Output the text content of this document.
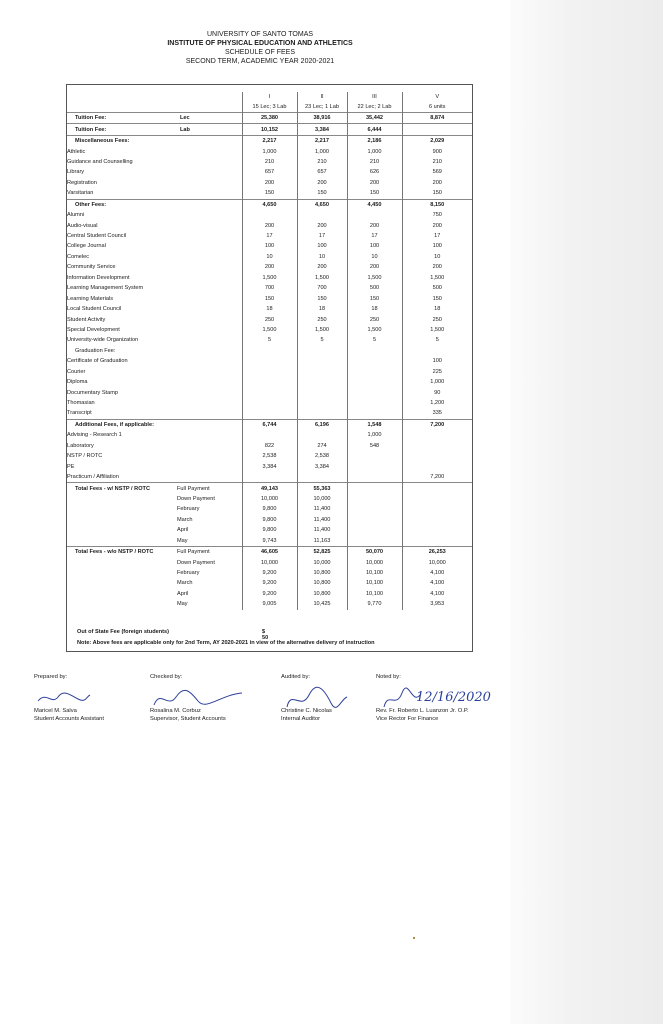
UNIVERSITY OF SANTO TOMAS
INSTITUTE OF PHYSICAL EDUCATION AND ATHLETICS
SCHEDULE OF FEES
SECOND TERM, ACADEMIC YEAR 2020-2021
		I	II	III	V
		15 Lec; 3 Lab	23 Lec; 1 Lab	22 Lec; 2 Lab	6 units
Tuition Fee:	Lec	25,380	38,916	35,442	8,874
Tuition Fee:	Lab	10,152	3,384	6,444	
Miscellaneous Fees:		2,217	2,217	2,186	2,029
Athletic		1,000	1,000	1,000	900
Guidance and Counselling		210	210	210	210
Library		657	657	626	569
Registration		200	200	200	200
Varsitarian		150	150	150	150
Other Fees:		4,650	4,650	4,450	8,150
Alumni					750
Audio-visual		200	200	200	200
Central Student Council		17	17	17	17
College Journal		100	100	100	100
Comelec		10	10	10	10
Community Service		200	200	200	200
Information Development		1,500	1,500	1,500	1,500
Learning Management System		700	700	500	500
Learning Materials		150	150	150	150
Local Student Council		18	18	18	18
Student Activity		250	250	250	250
Special Development		1,500	1,500	1,500	1,500
University-wide Organization		5	5	5	5
Graduation Fee:					
Certificate of Graduation					100
Courier					225
Diploma					1,000
Documentary Stamp					90
Thomasian					1,200
Transcript					335
Additional Fees, if applicable:		6,744	6,196	1,548	7,200
Advising - Research 1				1,000	
Laboratory		822	274	548	
NSTP / ROTC		2,538	2,538		
PE		3,384	3,384		
Practicum / Affiliation					7,200
Total Fees - w/ NSTP / ROTC	Full Payment	49,143	55,363		
	Down Payment	10,000	10,000		
	February	9,800	11,400		
	March	9,800	11,400		
	April	9,800	11,400		
	May	9,743	11,163		
Total Fees - w/o NSTP / ROTC	Full Payment	46,605	52,825	50,070	26,253
	Down Payment	10,000	10,000	10,000	10,000
	February	9,200	10,800	10,100	4,100
	March	9,200	10,800	10,100	4,100
	April	9,200	10,800	10,100	4,100
	May	9,005	10,425	9,770	3,953
Out of State Fee (foreign students)	$ 50
Note: Above fees are applicable only for 2nd Term, AY 2020-2021 in view of the alternative delivery of instruction
Prepared by:
Maricel M. Salva
Student Accounts Assistant
Checked by:
Rosalina M. Corbuz
Supervisor, Student Accounts
Audited by:
Christine C. Nicolas
Internal Auditor
Noted by:
Rev. Fr. Roberto L. Luanzon Jr. O.P.
Vice Rector For Finance
12/16/2020
